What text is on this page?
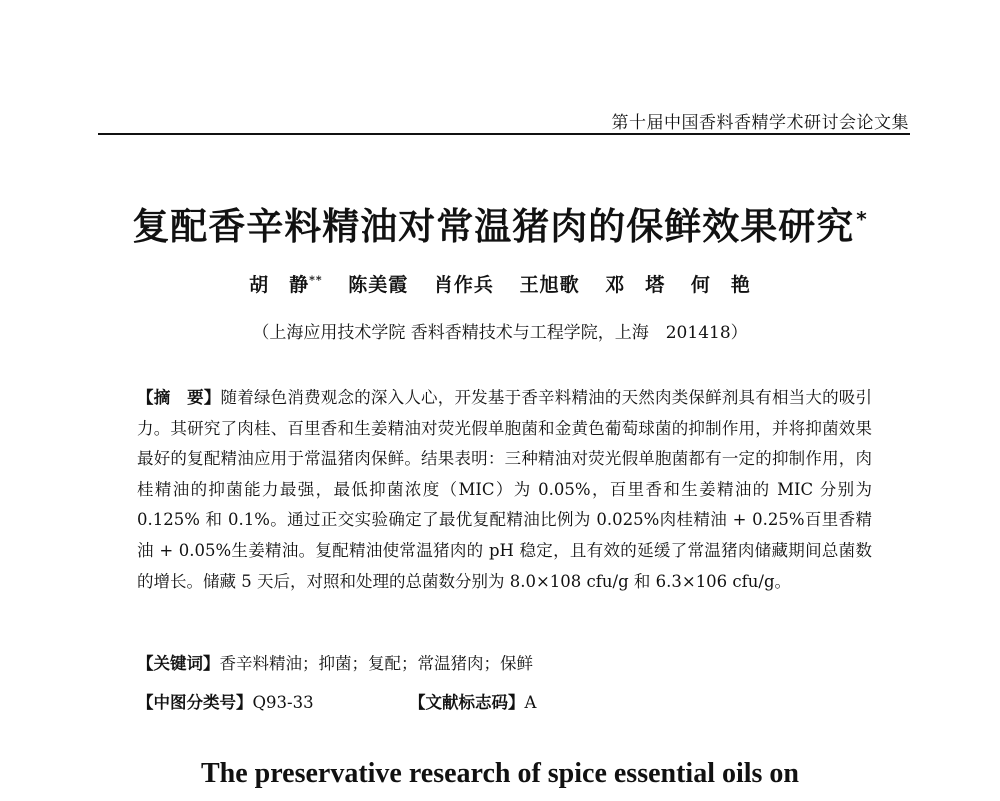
第十届中国香料香精学术研讨会论文集
复配香辛料精油对常温猪肉的保鲜效果研究 *
胡　静** 陈美霞 肖作兵 王旭歌 邓　塔 何　艳
（上海应用技术学院 香料香精技术与工程学院，上海　201418）
【摘　要】随着绿色消费观念的深入人心，开发基于香辛料精油的天然肉类保鲜剂具有相当大的吸引力。其研究了肉桂、百里香和生姜精油对荧光假单胞菌和金黄色葡萄球菌的抑制作用，并将抑菌效果最好的复配精油应用于常温猪肉保鲜。结果表明：三种精油对荧光假单胞菌都有一定的抑制作用，肉桂精油的抑菌能力最强，最低抑菌浓度（MIC）为 0.05%，百里香和生姜精油的 MIC 分别为 0.125% 和 0.1%。通过正交实验确定了最优复配精油比例为 0.025%肉桂精油 + 0.25%百里香精油 + 0.05%生姜精油。复配精油使常温猪肉的 pH 稳定，且有效的延缓了常温猪肉储藏期间总菌数的增长。储藏 5 天后，对照和处理的总菌数分别为 8.0×108 cfu/g 和 6.3×106 cfu/g。
【关键词】香辛料精油；抑菌；复配；常温猪肉；保鲜
【中图分类号】Q93-33	【文献标志码】A
The preservative research of spice essential oils on
